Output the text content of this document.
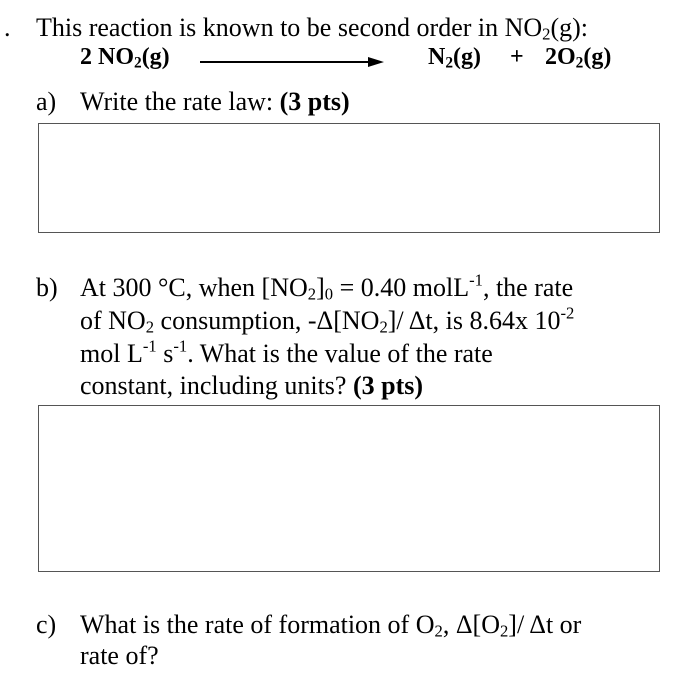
. This reaction is known to be second order in $NO_2(g)$:
2 $NO_2(g)$	$N_2(g) + 2O_2(g)$
a) Write the rate law: (3 pts)
b) At 300 °C, when $[NO_2]_0 = 0.40$ molL$^{-1}$, the rate
of $NO_2$ consumption, $-\Delta[NO_2]/$ Δt, is 8.64x $10^{-2}$
mol $L^{-1}$ $s^{-1}$. What is the value of the rate
constant, including units? (3 pts)
c) What is the rate of formation of $O_2$, $\Delta[O_2]/$ Δt or
rate of?
